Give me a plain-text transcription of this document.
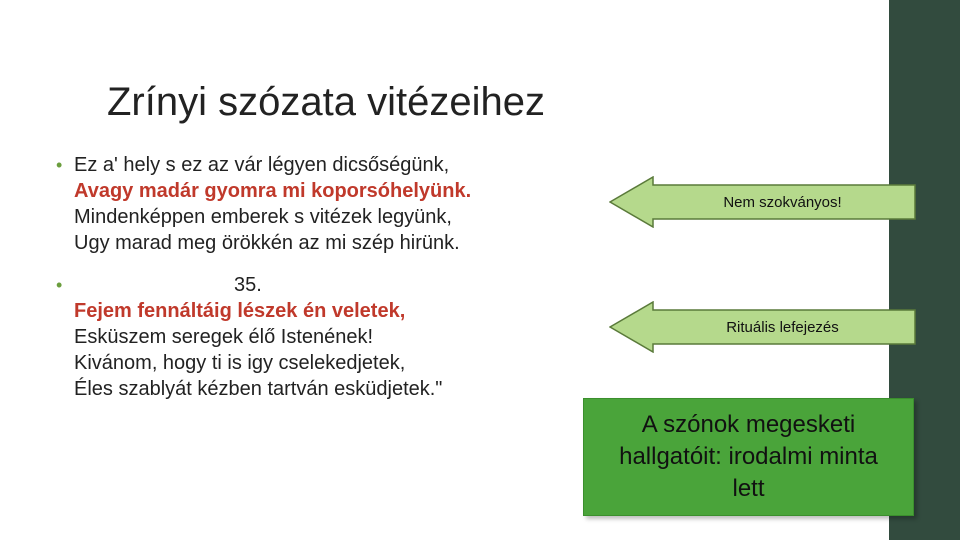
Zrínyi szózata vitézeihez
• Ez a' hely s ez az vár légyen dicsőségünk,
Avagy madár gyomra mi koporsóhelyünk.
Mindenképpen emberek s vitézek legyünk,
Ugy marad meg örökkén az mi szép hirünk.
•	35.
Fejem fennáltáig lészek én veletek,
Esküszem seregek élő Istenének!
Kivánom, hogy ti is igy cselekedjetek,
Éles szablyát kézben tartván esküdjetek."
Nem szokványos!
Rituális lefejezés
A szónok megesketi
hallgatóit: irodalmi minta
lett
